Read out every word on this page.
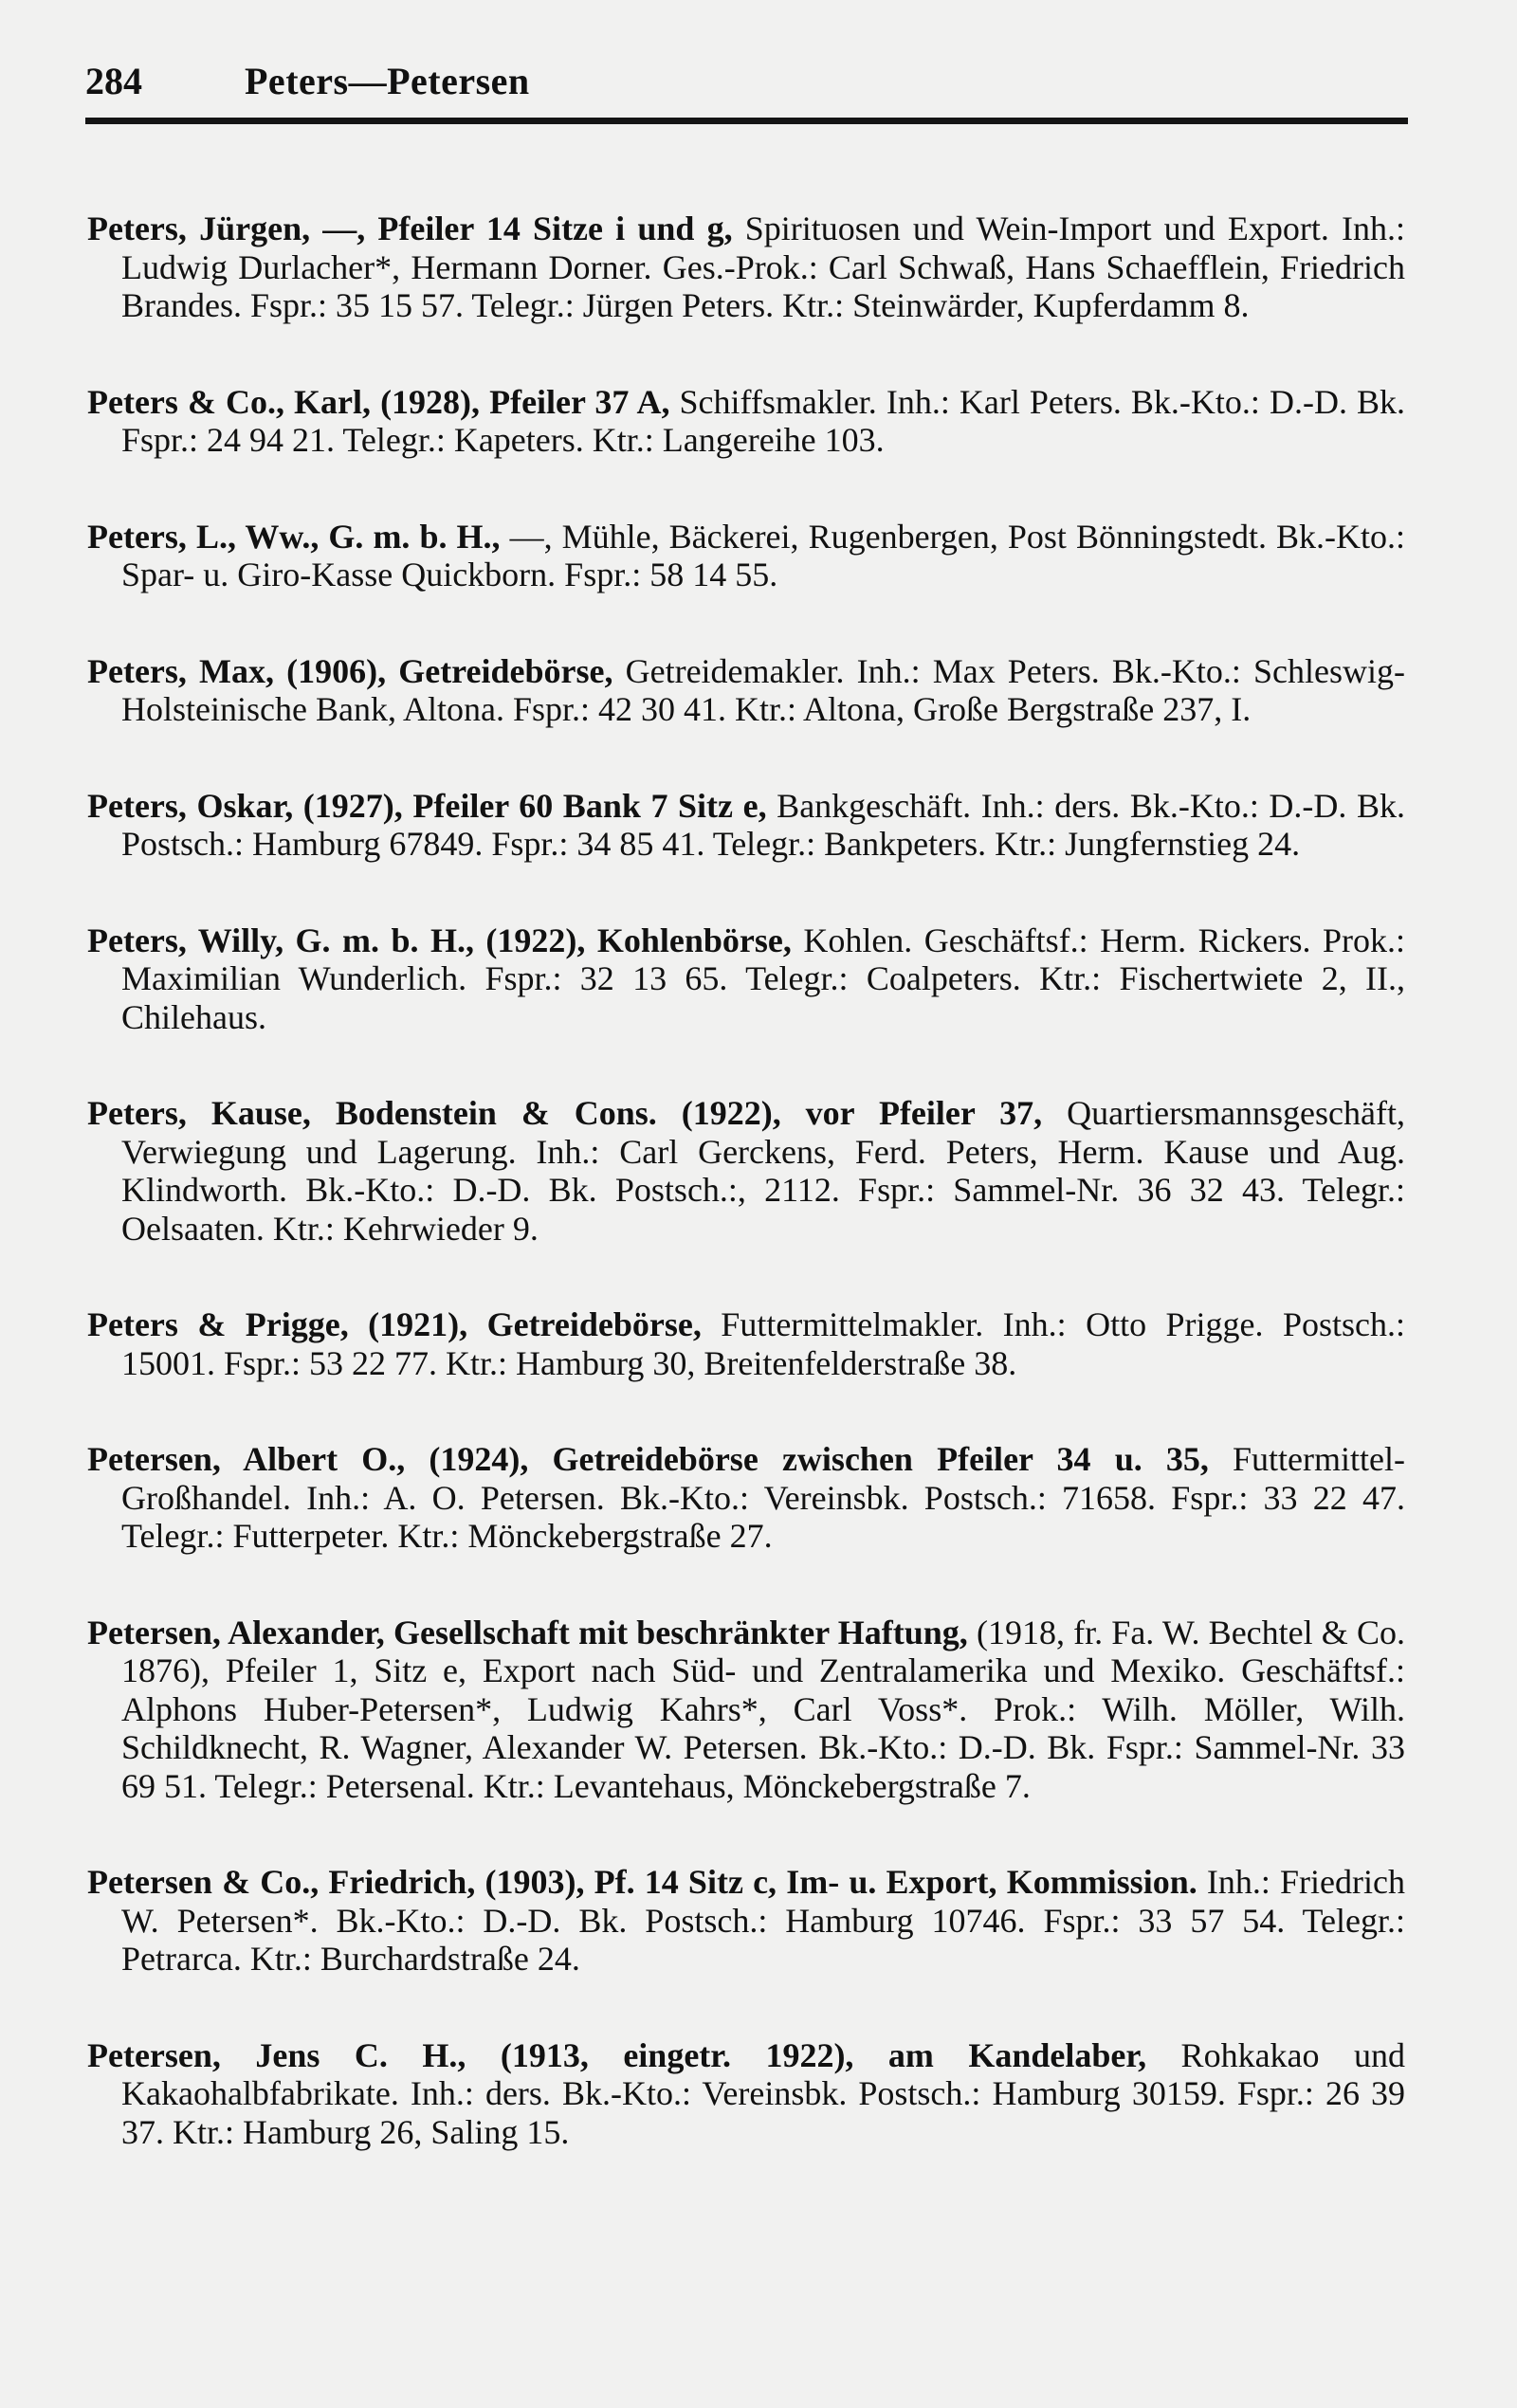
284	Peters—Petersen

Peters, Jürgen, —, Pfeiler 14 Sitze i und g, Spirituosen und Wein-Import und Export. Inh.: Ludwig Durlacher*, Hermann Dorner. Ges.-Prok.: Carl Schwaß, Hans Schaefflein, Friedrich Brandes. Fspr.: 35 15 57. Telegr.: Jürgen Peters. Ktr.: Steinwärder, Kupferdamm 8.

Peters & Co., Karl, (1928), Pfeiler 37 A, Schiffsmakler. Inh.: Karl Peters. Bk.-Kto.: D.-D. Bk. Fspr.: 24 94 21. Telegr.: Kapeters. Ktr.: Langereihe 103.

Peters, L., Ww., G. m. b. H., —, Mühle, Bäckerei, Rugenbergen, Post Bönningstedt. Bk.-Kto.: Spar- u. Giro-Kasse Quickborn. Fspr.: 58 14 55.

Peters, Max, (1906), Getreidebörse, Getreidemakler. Inh.: Max Peters. Bk.-Kto.: Schleswig-Holsteinische Bank, Altona. Fspr.: 42 30 41. Ktr.: Altona, Große Bergstraße 237, I.

Peters, Oskar, (1927), Pfeiler 60 Bank 7 Sitz e, Bankgeschäft. Inh.: ders. Bk.-Kto.: D.-D. Bk. Postsch.: Hamburg 67849. Fspr.: 34 85 41. Telegr.: Bankpeters. Ktr.: Jungfernstieg 24.

Peters, Willy, G. m. b. H., (1922), Kohlenbörse, Kohlen. Geschäftsf.: Herm. Rickers. Prok.: Maximilian Wunderlich. Fspr.: 32 13 65. Telegr.: Coalpeters. Ktr.: Fischertwiete 2, II., Chilehaus.

Peters, Kause, Bodenstein & Cons. (1922), vor Pfeiler 37, Quartiersmannsgeschäft, Verwiegung und Lagerung. Inh.: Carl Gerckens, Ferd. Peters, Herm. Kause und Aug. Klindworth. Bk.-Kto.: D.-D. Bk. Postsch.:, 2112. Fspr.: Sammel-Nr. 36 32 43. Telegr.: Oelsaaten. Ktr.: Kehrwieder 9.

Peters & Prigge, (1921), Getreidebörse, Futtermittelmakler. Inh.: Otto Prigge. Postsch.: 15001. Fspr.: 53 22 77. Ktr.: Hamburg 30, Breitenfelderstraße 38.

Petersen, Albert O., (1924), Getreidebörse zwischen Pfeiler 34 u. 35, Futtermittel-Großhandel. Inh.: A. O. Petersen. Bk.-Kto.: Vereinsbk. Postsch.: 71658. Fspr.: 33 22 47. Telegr.: Futterpeter. Ktr.: Mönckebergstraße 27.

Petersen, Alexander, Gesellschaft mit beschränkter Haftung, (1918, fr. Fa. W. Bechtel & Co. 1876), Pfeiler 1, Sitz e, Export nach Süd- und Zentralamerika und Mexiko. Geschäftsf.: Alphons Huber-Petersen*, Ludwig Kahrs*, Carl Voss*. Prok.: Wilh. Möller, Wilh. Schildknecht, R. Wagner, Alexander W. Petersen. Bk.-Kto.: D.-D. Bk. Fspr.: Sammel-Nr. 33 69 51. Telegr.: Petersenal. Ktr.: Levantehaus, Mönckebergstraße 7.

Petersen & Co., Friedrich, (1903), Pf. 14 Sitz c, Im- u. Export, Kommission. Inh.: Friedrich W. Petersen*. Bk.-Kto.: D.-D. Bk. Postsch.: Hamburg 10746. Fspr.: 33 57 54. Telegr.: Petrarca. Ktr.: Burchardstraße 24.

Petersen, Jens C. H., (1913, eingetr. 1922), am Kandelaber, Rohkakao und Kakaohalbfabrikate. Inh.: ders. Bk.-Kto.: Vereinsbk. Postsch.: Hamburg 30159. Fspr.: 26 39 37. Ktr.: Hamburg 26, Saling 15.
